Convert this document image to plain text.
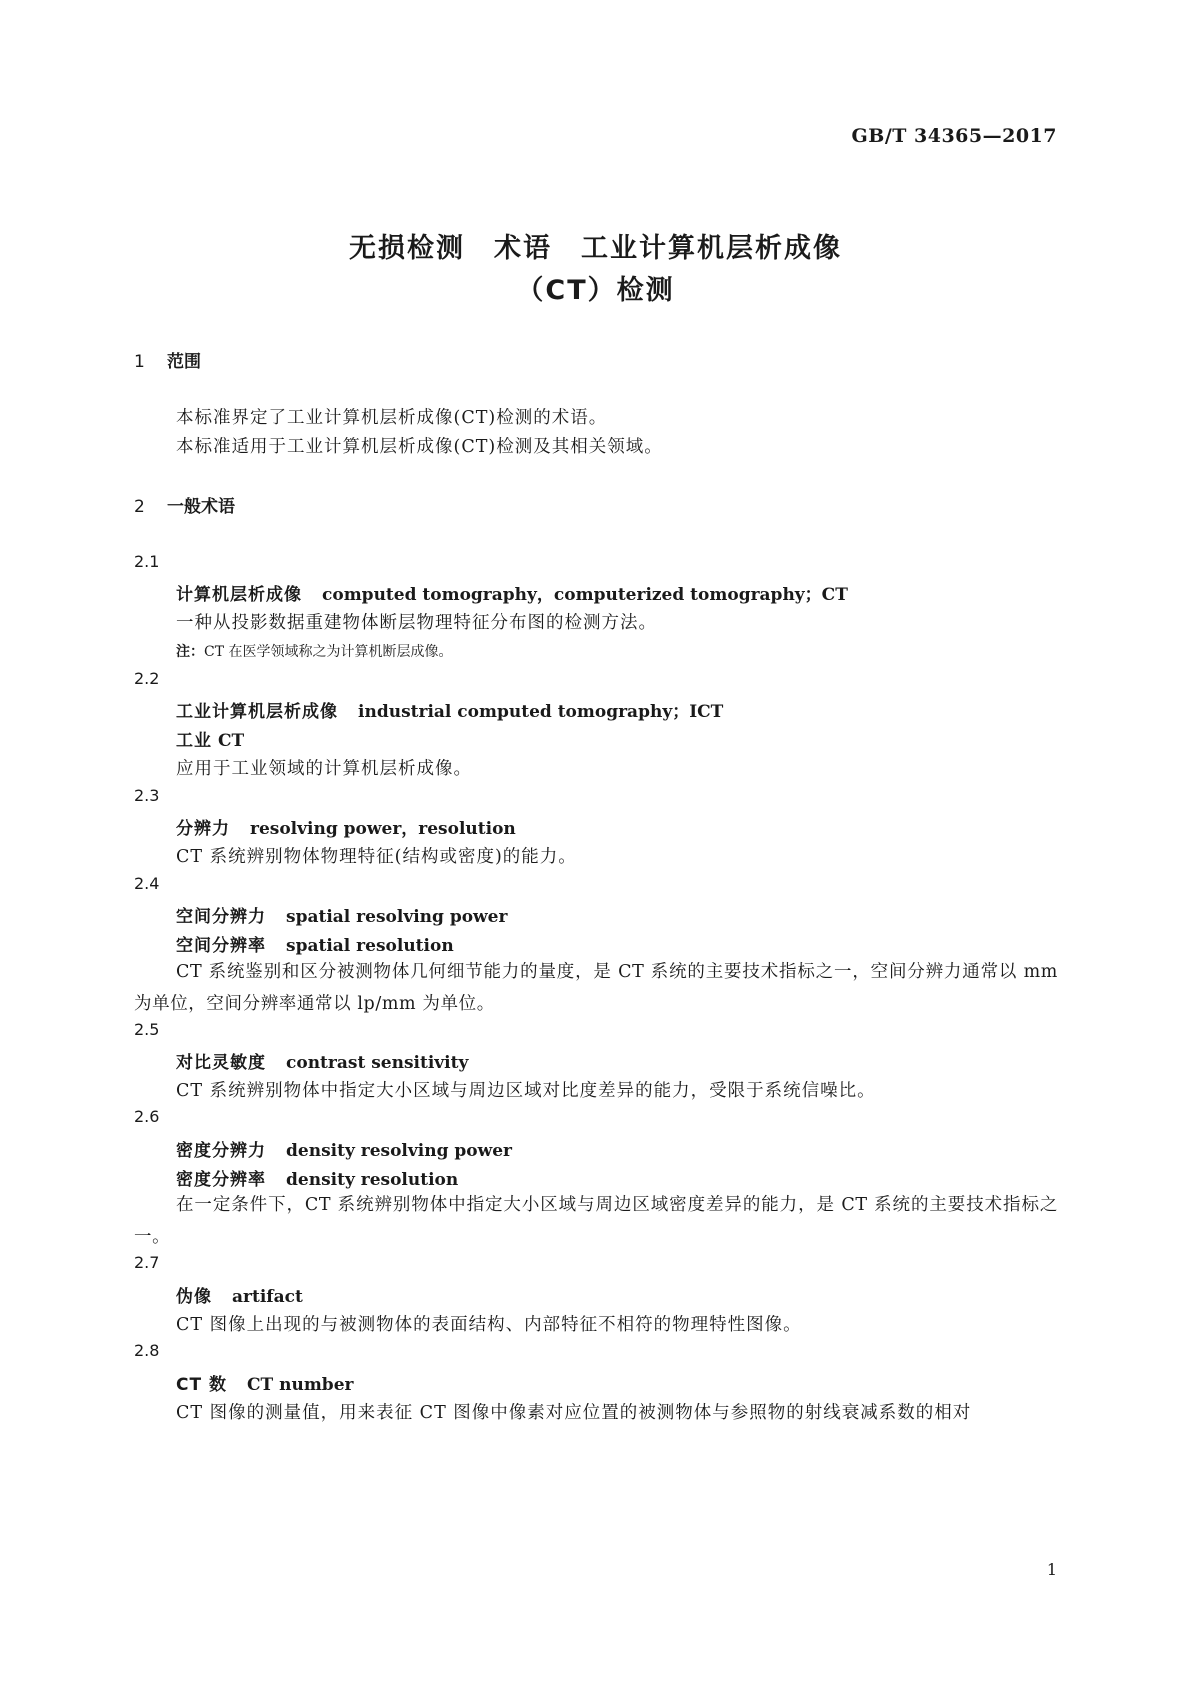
GB/T 34365—2017
无损检测　术语　工业计算机层析成像
（CT）检测
1 范围
本标准界定了工业计算机层析成像(CT)检测的术语。
本标准适用于工业计算机层析成像(CT)检测及其相关领域。
2 一般术语
2.1
计算机层析成像 computed tomography，computerized tomography；CT
一种从投影数据重建物体断层物理特征分布图的检测方法。
注：CT 在医学领域称之为计算机断层成像。
2.2
工业计算机层析成像 industrial computed tomography；ICT
工业 CT
应用于工业领域的计算机层析成像。
2.3
分辨力 resolving power，resolution
CT 系统辨别物体物理特征(结构或密度)的能力。
2.4
空间分辨力 spatial resolving power
空间分辨率 spatial resolution
CT 系统鉴别和区分被测物体几何细节能力的量度，是 CT 系统的主要技术指标之一，空间分辨力通常以 mm 为单位，空间分辨率通常以 lp/mm 为单位。
2.5
对比灵敏度 contrast sensitivity
CT 系统辨别物体中指定大小区域与周边区域对比度差异的能力，受限于系统信噪比。
2.6
密度分辨力 density resolving power
密度分辨率 density resolution
在一定条件下，CT 系统辨别物体中指定大小区域与周边区域密度差异的能力，是 CT 系统的主要技术指标之一。
2.7
伪像 artifact
CT 图像上出现的与被测物体的表面结构、内部特征不相符的物理特性图像。
2.8
CT 数 CT number
CT 图像的测量值，用来表征 CT 图像中像素对应位置的被测物体与参照物的射线衰减系数的相对
1
